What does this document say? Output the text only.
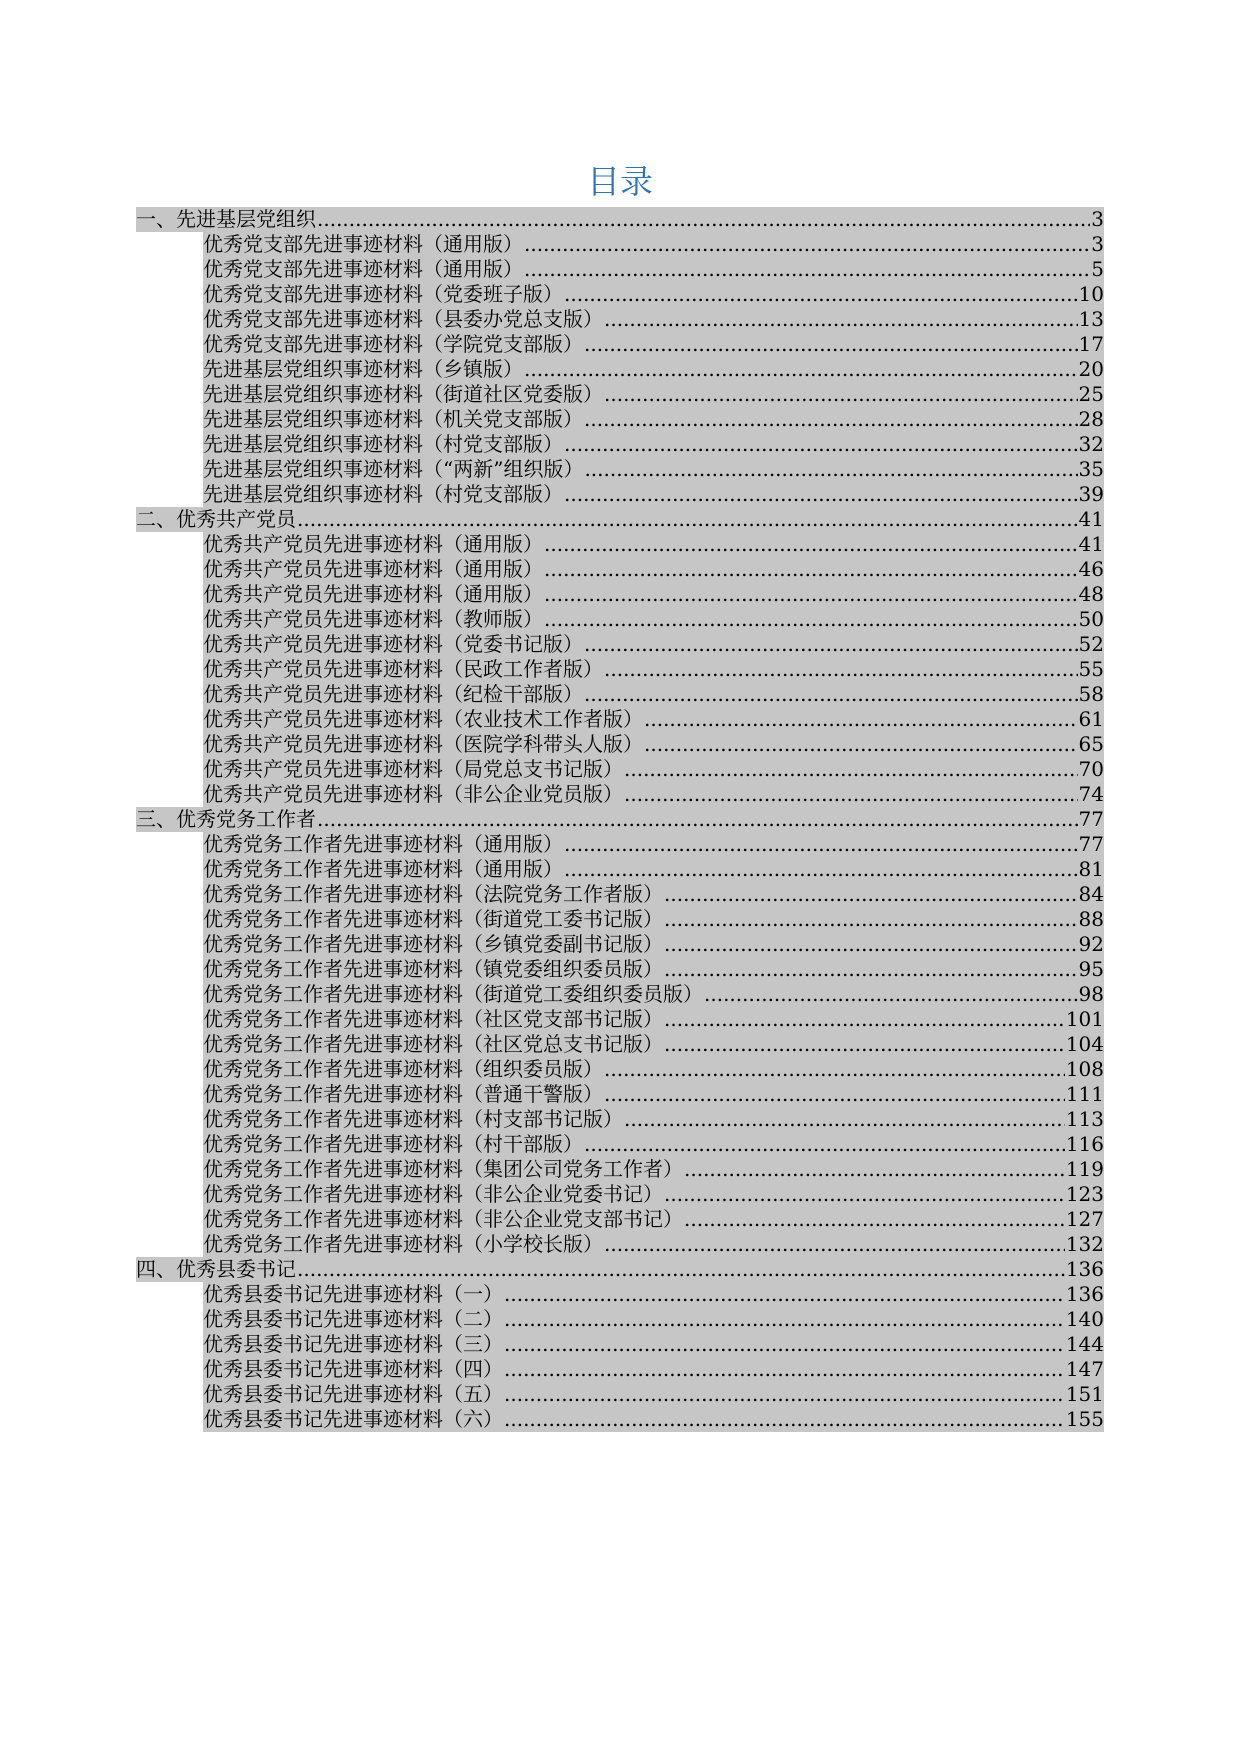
目录
一、先进基层党组织 .....	3
优秀党支部先进事迹材料（通用版） .....	3
优秀党支部先进事迹材料（通用版） .....	5
优秀党支部先进事迹材料（党委班子版） .....	10
优秀党支部先进事迹材料（县委办党总支版） .....	13
优秀党支部先进事迹材料（学院党支部版） .....	17
先进基层党组织事迹材料（乡镇版） .....	20
先进基层党组织事迹材料（街道社区党委版） .....	25
先进基层党组织事迹材料（机关党支部版） .....	28
先进基层党组织事迹材料（村党支部版） .....	32
先进基层党组织事迹材料（“两新”组织版） .....	35
先进基层党组织事迹材料（村党支部版） .....	39
二、优秀共产党员 .....	41
优秀共产党员先进事迹材料（通用版） .....	41
优秀共产党员先进事迹材料（通用版） .....	46
优秀共产党员先进事迹材料（通用版） .....	48
优秀共产党员先进事迹材料（教师版） .....	50
优秀共产党员先进事迹材料（党委书记版） .....	52
优秀共产党员先进事迹材料（民政工作者版） .....	55
优秀共产党员先进事迹材料（纪检干部版） .....	58
优秀共产党员先进事迹材料（农业技术工作者版） .....	61
优秀共产党员先进事迹材料（医院学科带头人版） .....	65
优秀共产党员先进事迹材料（局党总支书记版） .....	70
优秀共产党员先进事迹材料（非公企业党员版） .....	74
三、优秀党务工作者 .....	77
优秀党务工作者先进事迹材料（通用版） .....	77
优秀党务工作者先进事迹材料（通用版） .....	81
优秀党务工作者先进事迹材料（法院党务工作者版） .....	84
优秀党务工作者先进事迹材料（街道党工委书记版） .....	88
优秀党务工作者先进事迹材料（乡镇党委副书记版） .....	92
优秀党务工作者先进事迹材料（镇党委组织委员版） .....	95
优秀党务工作者先进事迹材料（街道党工委组织委员版） .....	98
优秀党务工作者先进事迹材料（社区党支部书记版） .....	101
优秀党务工作者先进事迹材料（社区党总支书记版） .....	104
优秀党务工作者先进事迹材料（组织委员版） .....	108
优秀党务工作者先进事迹材料（普通干警版） .....	111
优秀党务工作者先进事迹材料（村支部书记版） .....	113
优秀党务工作者先进事迹材料（村干部版） .....	116
优秀党务工作者先进事迹材料（集团公司党务工作者） .....	119
优秀党务工作者先进事迹材料（非公企业党委书记） .....	123
优秀党务工作者先进事迹材料（非公企业党支部书记） .....	127
优秀党务工作者先进事迹材料（小学校长版） .....	132
四、优秀县委书记 .....	136
优秀县委书记先进事迹材料（一） .....	136
优秀县委书记先进事迹材料（二） .....	140
优秀县委书记先进事迹材料（三） .....	144
优秀县委书记先进事迹材料（四） .....	147
优秀县委书记先进事迹材料（五） .....	151
优秀县委书记先进事迹材料（六） .....	155
